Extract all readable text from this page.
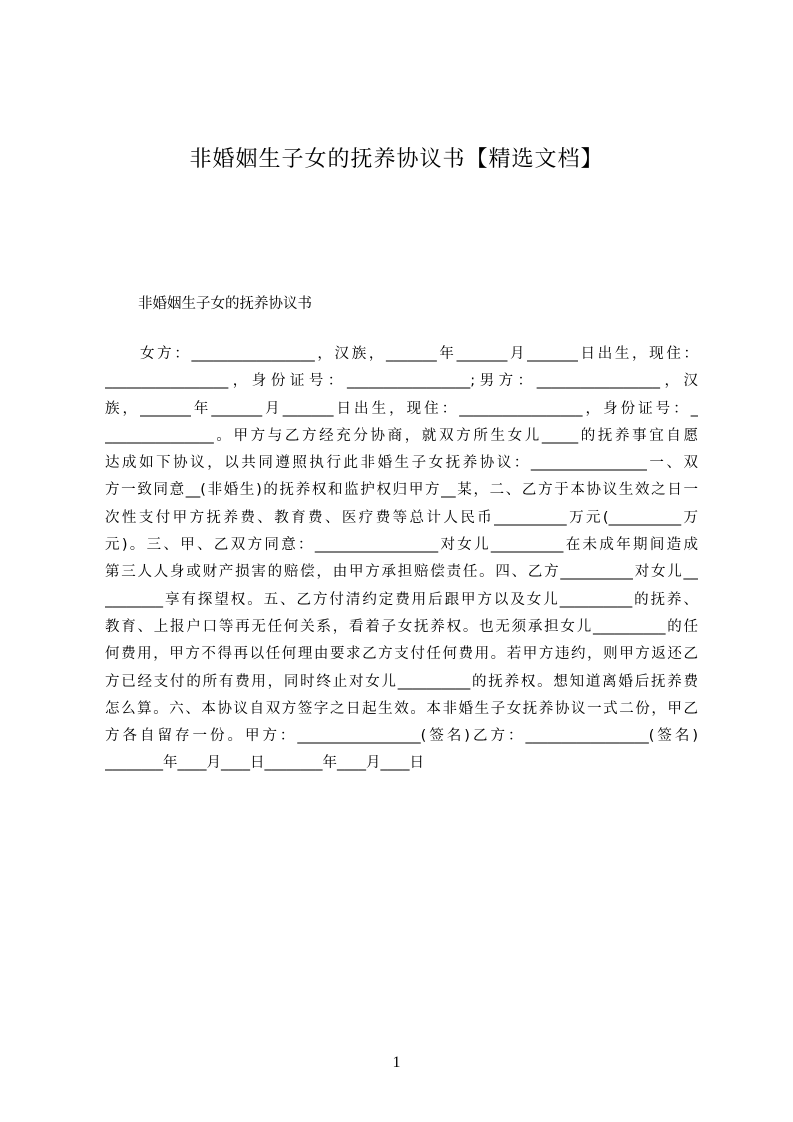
非婚姻生子女的抚养协议书【精选文档】
非婚姻生子女的抚养协议书
女方：_________________，汉族，_______年_______月_______日出生，现住：
_________________，身份证号：_________________;男方：_________________，汉
族，_______年_______月_______日出生，现住：_________________，身份证号：_
_______________。甲方与乙方经充分协商，就双方所生女儿_____的抚养事宜自愿
达成如下协议，以共同遵照执行此非婚生子女抚养协议：________________一、双
方一致同意__(非婚生)的抚养权和监护权归甲方__某，二、乙方于本协议生效之日一
次性支付甲方抚养费、教育费、医疗费等总计人民币__________万元(__________万
元)。三、甲、乙双方同意：_________________对女儿__________在未成年期间造成
第三人人身或财产损害的赔偿，由甲方承担赔偿责任。四、乙方__________对女儿__
________享有探望权。五、乙方付清约定费用后跟甲方以及女儿__________的抚养、
教育、上报户口等再无任何关系，看着子女抚养权。也无须承担女儿__________的任
何费用，甲方不得再以任何理由要求乙方支付任何费用。若甲方违约，则甲方返还乙
方已经支付的所有费用，同时终止对女儿__________的抚养权。想知道离婚后抚养费
怎么算。六、本协议自双方签字之日起生效。本非婚生子女抚养协议一式二份，甲乙
方各自留存一份。甲方：_________________(签名)乙方：_________________(签名)
________年____月____日________年____月____日
1
